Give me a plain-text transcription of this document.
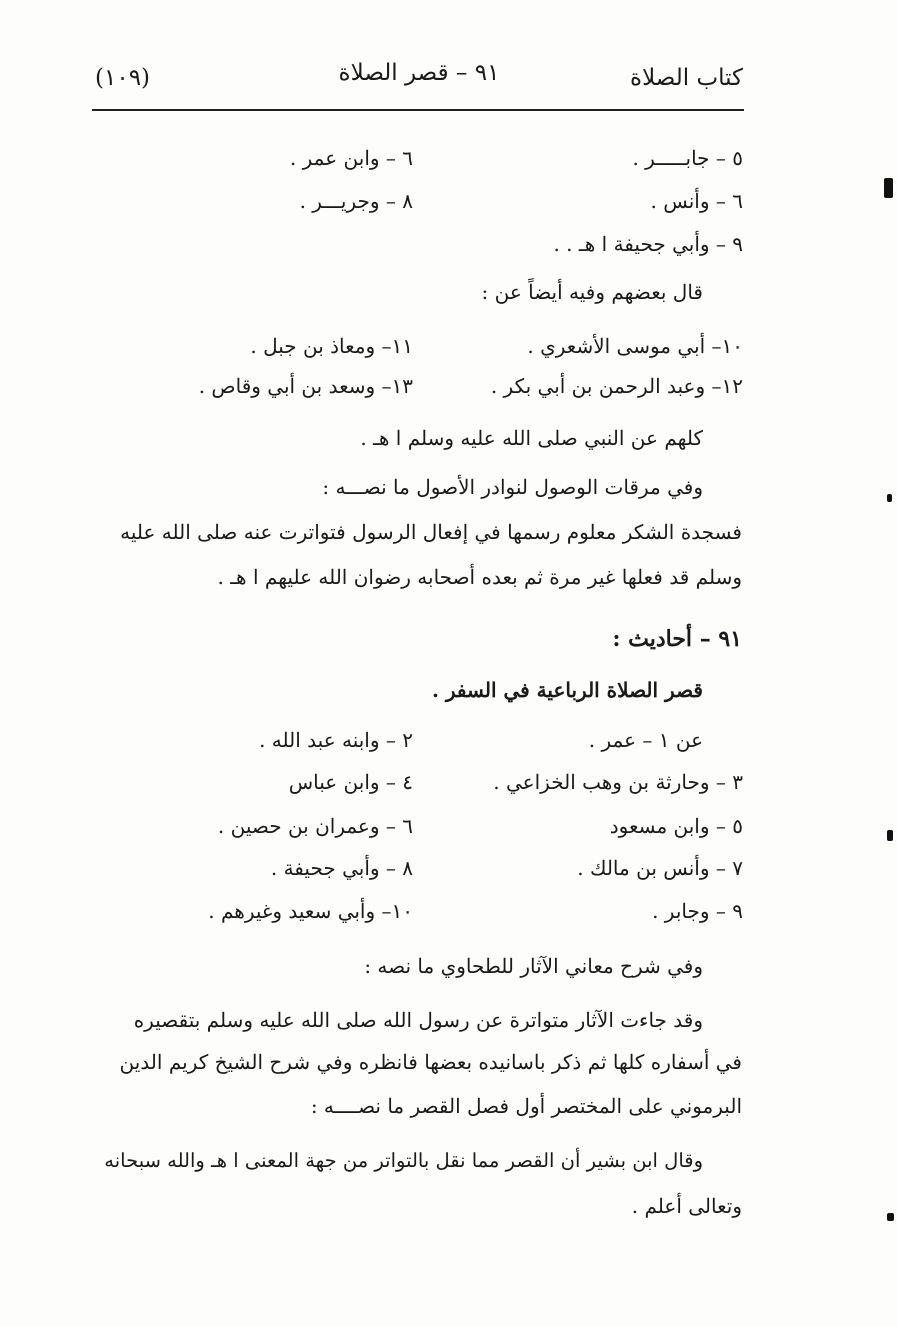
كتاب الصلاة
(١٠٩)	٩١ – قصر الصلاة
٥ – جابـــــر .
٦ – وابن عمر .
٦ – وأنس .
٨ – وجريـــر .
٩ – وأبي جحيفة ا هـ . .
قال بعضهم وفيه أيضاً عن :
١٠– أبي موسى الأشعري .
١١– ومعاذ بن جبل .
١٢– وعبد الرحمن بن أبي بكر .
١٣– وسعد بن أبي وقاص .
كلهم عن النبي صلى الله عليه وسلم ا هـ .
وفي مرقات الوصول لنوادر الأصول ما نصـــه :
فسجدة الشكر معلوم رسمها في إفعال الرسول فتواترت عنه صلى الله عليه
وسلم قد فعلها غير مرة ثم بعده أصحابه رضوان الله عليهم ا هـ .
٩١ – أحاديث :
قصر الصلاة الرباعية في السفر .
عن ١ – عمر .
٢ – وابنه عبد الله .
٣ – وحارثة بن وهب الخزاعي .
٤ – وابن عباس
٥ – وابن مسعود
٦ – وعمران بن حصين .
٧ – وأنس بن مالك .
٨ – وأبي جحيفة .
٩ – وجابر .
١٠– وأبي سعيد وغيرهم .
وفي شرح معاني الآثار للطحاوي ما نصه :
وقد جاءت الآثار متواترة عن رسول الله صلى الله عليه وسلم بتقصيره
في أسفاره كلها ثم ذكر باسانيده بعضها فانظره وفي شرح الشيخ كريم الدين
البرموني على المختصر أول فصل القصر ما نصــــه :
وقال ابن بشير أن القصر مما نقل بالتواتر من جهة المعنى ا هـ والله سبحانه
وتعالى أعلم .
